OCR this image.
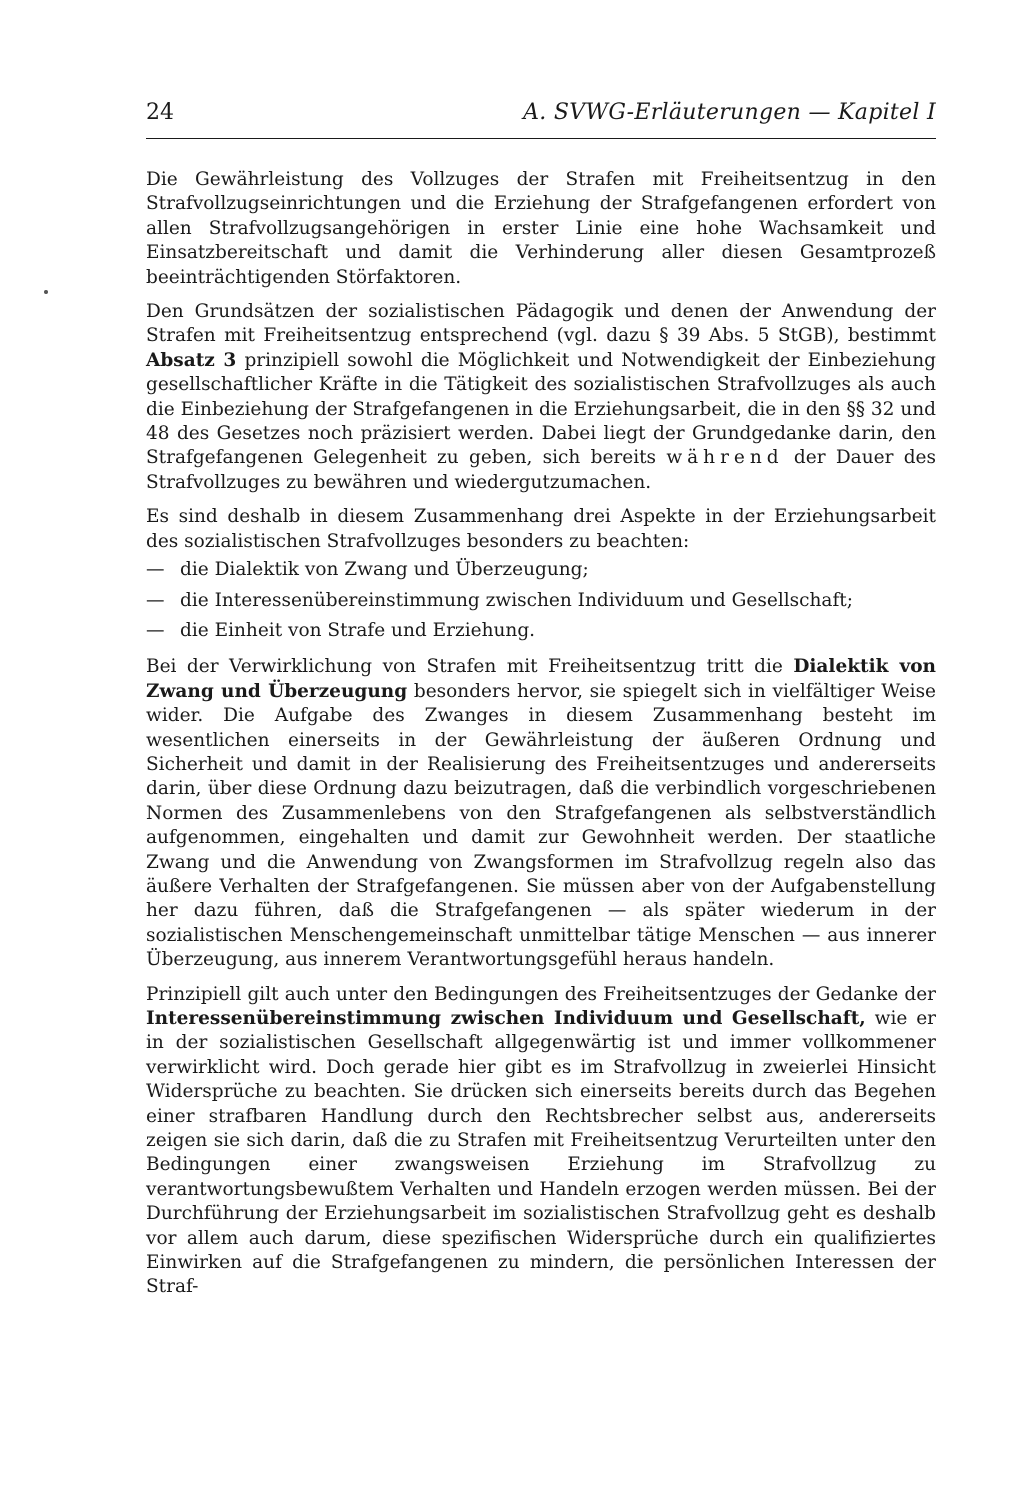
24	A. SVWG-Erläuterungen — Kapitel I

Die Gewährleistung des Vollzuges der Strafen mit Freiheitsentzug in den Strafvollzugseinrichtungen und die Erziehung der Strafgefangenen erfordert von allen Strafvollzugsangehörigen in erster Linie eine hohe Wachsamkeit und Einsatzbereitschaft und damit die Verhinderung aller diesen Gesamtprozeß beeinträchtigenden Störfaktoren.

Den Grundsätzen der sozialistischen Pädagogik und denen der Anwendung der Strafen mit Freiheitsentzug entsprechend (vgl. dazu § 39 Abs. 5 StGB), bestimmt Absatz 3 prinzipiell sowohl die Möglichkeit und Notwendigkeit der Einbeziehung gesellschaftlicher Kräfte in die Tätigkeit des sozialistischen Strafvollzuges als auch die Einbeziehung der Strafgefangenen in die Erziehungsarbeit, die in den §§ 32 und 48 des Gesetzes noch präzisiert werden. Dabei liegt der Grundgedanke darin, den Strafgefangenen Gelegenheit zu geben, sich bereits während der Dauer des Strafvollzuges zu bewähren und wiedergutzumachen.

Es sind deshalb in diesem Zusammenhang drei Aspekte in der Erziehungsarbeit des sozialistischen Strafvollzuges besonders zu beachten:

— die Dialektik von Zwang und Überzeugung;
— die Interessenübereinstimmung zwischen Individuum und Gesellschaft;
— die Einheit von Strafe und Erziehung.

Bei der Verwirklichung von Strafen mit Freiheitsentzug tritt die Dialektik von Zwang und Überzeugung besonders hervor, sie spiegelt sich in vielfältiger Weise wider. Die Aufgabe des Zwanges in diesem Zusammenhang besteht im wesentlichen einerseits in der Gewährleistung der äußeren Ordnung und Sicherheit und damit in der Realisierung des Freiheitsentzuges und andererseits darin, über diese Ordnung dazu beizutragen, daß die verbindlich vorgeschriebenen Normen des Zusammenlebens von den Strafgefangenen als selbstverständlich aufgenommen, eingehalten und damit zur Gewohnheit werden. Der staatliche Zwang und die Anwendung von Zwangsformen im Strafvollzug regeln also das äußere Verhalten der Strafgefangenen. Sie müssen aber von der Aufgabenstellung her dazu führen, daß die Strafgefangenen — als später wiederum in der sozialistischen Menschengemeinschaft unmittelbar tätige Menschen — aus innerer Überzeugung, aus innerem Verantwortungsgefühl heraus handeln.

Prinzipiell gilt auch unter den Bedingungen des Freiheitsentzuges der Gedanke der Interessenübereinstimmung zwischen Individuum und Gesellschaft, wie er in der sozialistischen Gesellschaft allgegenwärtig ist und immer vollkommener verwirklicht wird. Doch gerade hier gibt es im Strafvollzug in zweierlei Hinsicht Widersprüche zu beachten. Sie drücken sich einerseits bereits durch das Begehen einer strafbaren Handlung durch den Rechtsbrecher selbst aus, andererseits zeigen sie sich darin, daß die zu Strafen mit Freiheitsentzug Verurteilten unter den Bedingungen einer zwangsweisen Erziehung im Strafvollzug zu verantwortungsbewußtem Verhalten und Handeln erzogen werden müssen. Bei der Durchführung der Erziehungsarbeit im sozialistischen Strafvollzug geht es deshalb vor allem auch darum, diese spezifischen Widersprüche durch ein qualifiziertes Einwirken auf die Strafgefangenen zu mindern, die persönlichen Interessen der Straf-
